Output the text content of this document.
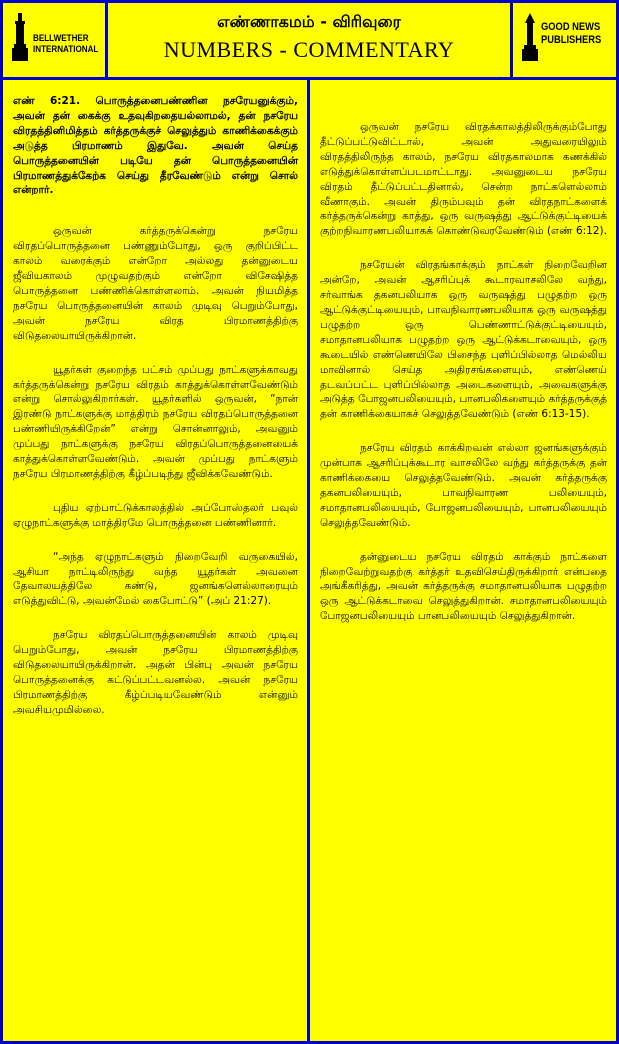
BELLWETHER
INTERNATIONAL
எண்ணாகமம் - விரிவுரை
NUMBERS - COMMENTARY
GOOD NEWS
PUBLISHERS

எண் 6:21. பொருத்தனைபண்ணின நசரேயனுக்கும், அவன் தன் கைக்கு உதவுகிறதையல்லாமல், தன் நசரேய விரதத்தினிமித்தம் கர்த்தருக்குச் செலுத்தும் காணிக்கைக்கும் அடுத்த பிரமாணம் இதுவே. அவன் செய்த பொருத்தனையின் படியே தன் பொருத்தனையின் பிரமாணத்துக்கேற்க செய்து தீரவேண்டும் என்று சொல் என்றார்.

ஒருவன் கர்த்தருக்கென்று நசரேய விரதப்பொருத்தனை பண்ணும்போது, ஒரு குறிப்பிட்ட காலம் வரைக்கும் என்றோ அல்லது தன்னுடைய ஜீவியகாலம் முழுவதற்கும் என்றோ விசேஷித்த பொருத்தனை பண்ணிக்கொள்ளலாம். அவன் நியமித்த நசரேய பொருத்தனையின் காலம் முடிவு பெறும்போது, அவன் நசரேய விரத பிரமாணத்திற்கு விடுதலையாயிருக்கிறான்.

யூதர்கள் குறைந்த பட்சம் முப்பது நாட்களுக்காவது கர்த்தருக்கென்று நசரேய விரதம் காத்துக்கொள்ளவேண்டும் என்று சொல்லுகிறார்கள். யூதர்களில் ஒருவன், “நான் இரண்டு நாட்களுக்கு மாத்திரம் நசரேய விரதப்பொருத்தனை பண்ணியிருக்கிறேன்” என்று சொன்னாலும், அவனும் முப்பது நாட்களுக்கு நசரேய விரதப்பொருத்தனையைக் காத்துக்கொள்ளவேண்டும். அவன் முப்பது நாட்களும் நசரேய பிரமாணத்திற்கு கீழ்ப்படிந்து ஜீவிக்கவேண்டும்.

புதிய ஏற்பாட்டுக்காலத்தில் அப்போஸ்தலர் பவுல் ஏழுநாட்களுக்கு மாத்திரமே பொருத்தனை பண்ணினார்.

“அந்த ஏழுநாட்களும் நிறைவேறி வருகையில், ஆசியா நாட்டிலிருந்து வந்த யூதர்கள் அவனை தேவாலயத்திலே கண்டு, ஜனங்களெல்லாரையும் எடுத்துவிட்டு, அவன்மேல் கைபோட்டு” (அப் 21:27).

நசரேய விரதப்பொருத்தனையின் காலம் முடிவு பெறும்போது, அவன் நசரேய பிரமாணத்திற்கு விடுதலையாயிருக்கிறான். அதன் பின்பு அவன் நசரேய பொருத்தனைக்கு கட்டுப்பட்டவனல்ல. அவன் நசரேய பிரமாணத்திற்கு கீழ்ப்படியவேண்டும் என்னும் அவசியமுமில்லை.

ஒருவன் நசரேய விரதக்காலத்திலிருக்கும்போது தீட்டுப்பட்டுவிட்டால், அவன் அதுவரையிலும் விரதத்திலிருந்த காலம், நசரேய விரதகாலமாக கணக்கில் எடுத்துக்கொள்ளப்படமாட்டாது. அவனுடைய நசரேய விரதம் தீட்டுப்பட்டதினால், சென்ற நாட்களெல்லாம் வீணாகும். அவன் திரும்பவும் தன் விரதநாட்களைக் கர்த்தருக்கென்று காத்து, ஒரு வருஷத்து ஆட்டுக்குட்டியைக் குற்றநிவாரணபலியாகக் கொண்டுவரவேண்டும் (எண் 6:12).

நசரேயன் விரதங்காக்கும் நாட்கள் நிறைவேறின அன்றே, அவன் ஆசரிப்புக் கூடாரவாசலிலே வந்து, சர்வாங்க தகனபலியாக ஒரு வருஷத்து பழுதற்ற ஒரு ஆட்டுக்குட்டியையும், பாவநிவாரணபலியாக ஒரு வருஷத்து பழுதற்ற ஒரு பெண்ணாட்டுக்குட்டியையும், சமாதானபலியாக பழுதற்ற ஒரு ஆட்டுக்கடாவையும், ஒரு கூடையில் எண்ணெயிலே பிசைந்த புளிப்பில்லாத மெல்லிய மாவினால் செய்த அதிரசங்களையும், எண்ணெய் தடவப்பட்ட புளிப்பில்லாத அடைகளையும், அவைகளுக்கு அடுத்த போஜனபலியையும், பானபலிகளையும் கர்த்தருக்குத் தன் காணிக்கையாகச் செலுத்தவேண்டும் (எண் 6:13-15).

நசரேய விரதம் காக்கிறவன் எல்லா ஜனங்களுக்கும் முன்பாக ஆசரிப்புக்கூடார வாசலிலே வந்து கர்த்தருக்கு தன் காணிக்கையை செலுத்தவேண்டும். அவன் கர்த்தருக்கு தகனபலியையும், பாவநிவாரண பலியையும், சமாதானபலியையும், போஜனபலியையும், பானபலியையும் செலுத்தவேண்டும்.

தன்னுடைய நசரேய விரதம் காக்கும் நாட்களை நிறைவேற்றுவதற்கு கர்த்தர் உதவிசெய்திருக்கிறார் என்பதை அங்கீகரித்து, அவன் கர்த்தருக்கு சமாதானபலியாக பழுதற்ற ஒரு ஆட்டுக்கடாவை செலுத்துகிறான். சமாதானபலியையும் போஜனபலியையும் பானபலியையும் செலுத்துகிறான்.
